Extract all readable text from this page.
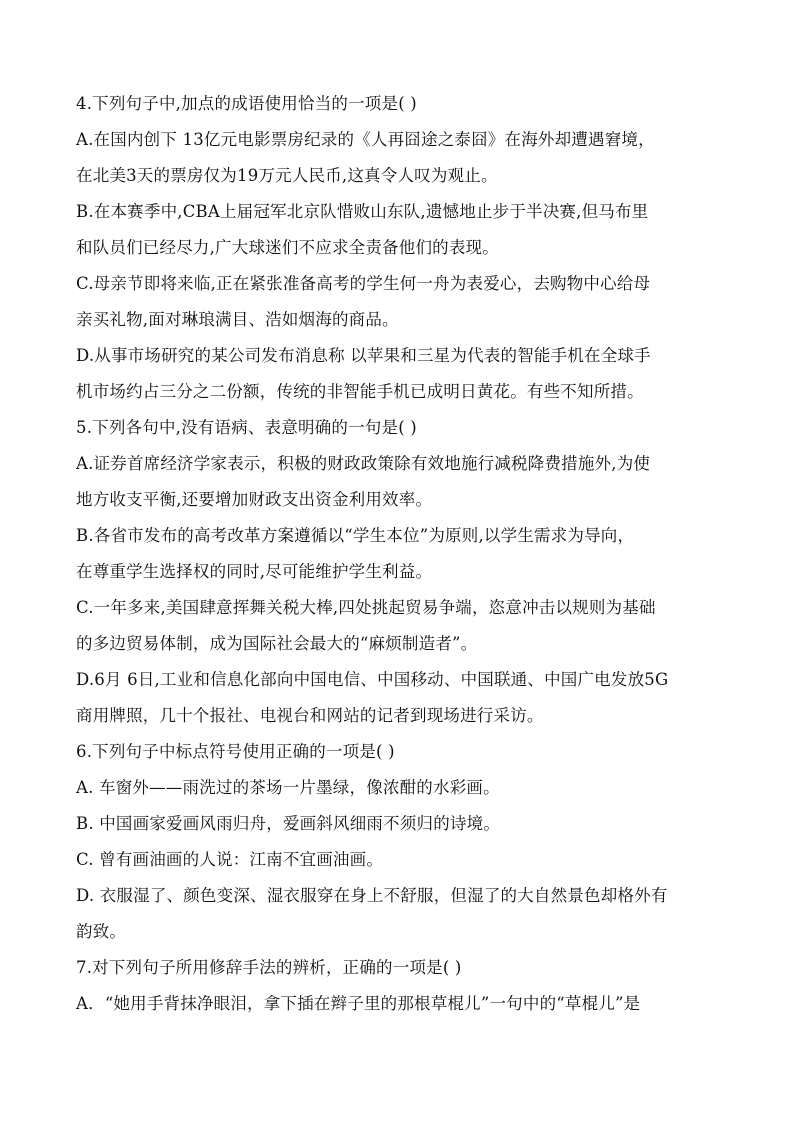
4.下列句子中,加点的成语使用恰当的一项是( )
A.在国内创下 13亿元电影票房纪录的《人再囧途之泰囧》在海外却遭遇窘境，
在北美3天的票房仅为19万元人民币,这真令人叹为观止。
B.在本赛季中,CBA上届冠军北京队惜败山东队,遗憾地止步于半决赛,但马布里
和队员们已经尽力,广大球迷们不应求全责备他们的表现。
C.母亲节即将来临,正在紧张准备高考的学生何一舟为表爱心，去购物中心给母
亲买礼物,面对琳琅满目、浩如烟海的商品。
D.从事市场研究的某公司发布消息称 以苹果和三星为代表的智能手机在全球手
机市场约占三分之二份额，传统的非智能手机已成明日黄花。有些不知所措。
5.下列各句中,没有语病、表意明确的一句是( )
A.证券首席经济学家表示，积极的财政政策除有效地施行减税降费措施外,为使
地方收支平衡,还要增加财政支出资金利用效率。
B.各省市发布的高考改革方案遵循以“学生本位”为原则,以学生需求为导向，
在尊重学生选择权的同时,尽可能维护学生利益。
C.一年多来,美国肆意挥舞关税大棒,四处挑起贸易争端，恣意冲击以规则为基础
的多边贸易体制，成为国际社会最大的“麻烦制造者”。
D.6月 6日,工业和信息化部向中国电信、中国移动、中国联通、中国广电发放5G
商用牌照，几十个报社、电视台和网站的记者到现场进行采访。
6.下列句子中标点符号使用正确的一项是( )
A. 车窗外——雨洗过的茶场一片墨绿，像浓酣的水彩画。
B. 中国画家爱画风雨归舟，爱画斜风细雨不须归的诗境。
C. 曾有画油画的人说：江南不宜画油画。
D. 衣服湿了、颜色变深、湿衣服穿在身上不舒服，但湿了的大自然景色却格外有
韵致。
7.对下列句子所用修辞手法的辨析，正确的一项是( )
A．“她用手背抹净眼泪，拿下插在辫子里的那根草棍儿”一句中的“草棍儿”是
